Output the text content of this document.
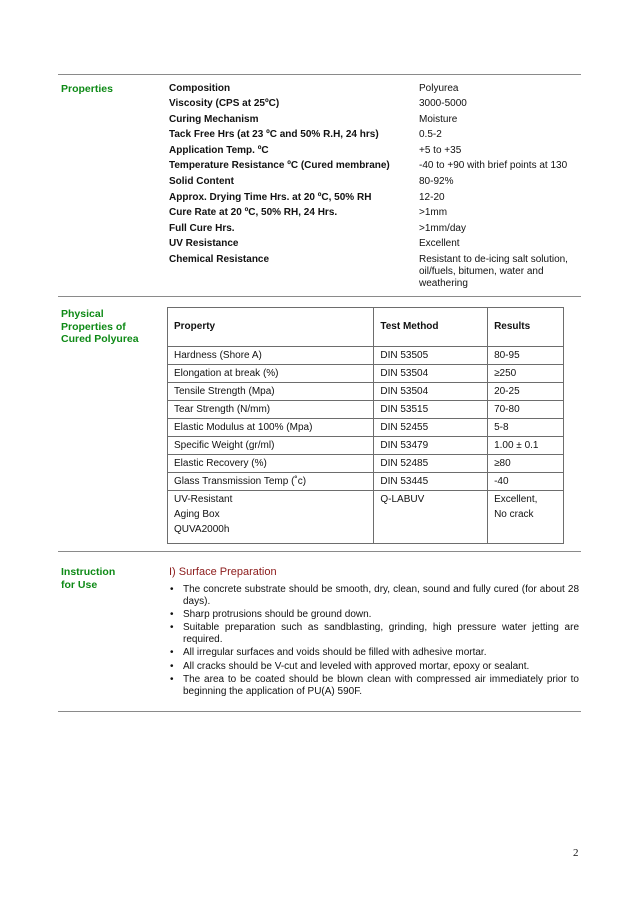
Properties	Composition	Polyurea
Viscosity (CPS at 25ºC)	3000-5000
Curing Mechanism	Moisture
Tack Free Hrs (at 23 ºC and 50% R.H, 24 hrs)	0.5-2
Application Temp. ºC	+5 to +35
Temperature Resistance ºC (Cured membrane)	-40 to +90 with brief points at 130
Solid Content	80-92%
Approx. Drying Time Hrs. at 20 ºC, 50% RH	12-20
Cure Rate at 20 ºC, 50% RH, 24 Hrs.	>1mm
Full Cure Hrs.	>1mm/day
UV Resistance	Excellent
Chemical Resistance	Resistant to de-icing salt solution, oil/fuels, bitumen, water and weathering
Physical
Properties of
Cured Polyurea
Property	Test Method	Results
Hardness (Shore A)	DIN 53505	80-95
Elongation at break (%)	DIN 53504	≥250
Tensile Strength (Mpa)	DIN 53504	20-25
Tear Strength (N/mm)	DIN 53515	70-80
Elastic Modulus at 100% (Mpa)	DIN 52455	5-8
Specific Weight (gr/ml)	DIN 53479	1.00 ± 0.1
Elastic Recovery (%)	DIN 52485	≥80
Glass Transmission Temp (˚c)	DIN 53445	-40

UV-Resistant
Aging Box
QUVA2000h	Q-LABUV	Excellent,
No crack
Instruction
for Use
I) Surface Preparation
• The concrete substrate should be smooth, dry, clean, sound and fully cured (for about 28 days).
• Sharp protrusions should be ground down.
• Suitable preparation such as sandblasting, grinding, high pressure water jetting are required.
• All irregular surfaces and voids should be filled with adhesive mortar.
• All cracks should be V-cut and leveled with approved mortar, epoxy or sealant.
• The area to be coated should be blown clean with compressed air immediately prior to beginning the application of PU(A) 590F.
2
